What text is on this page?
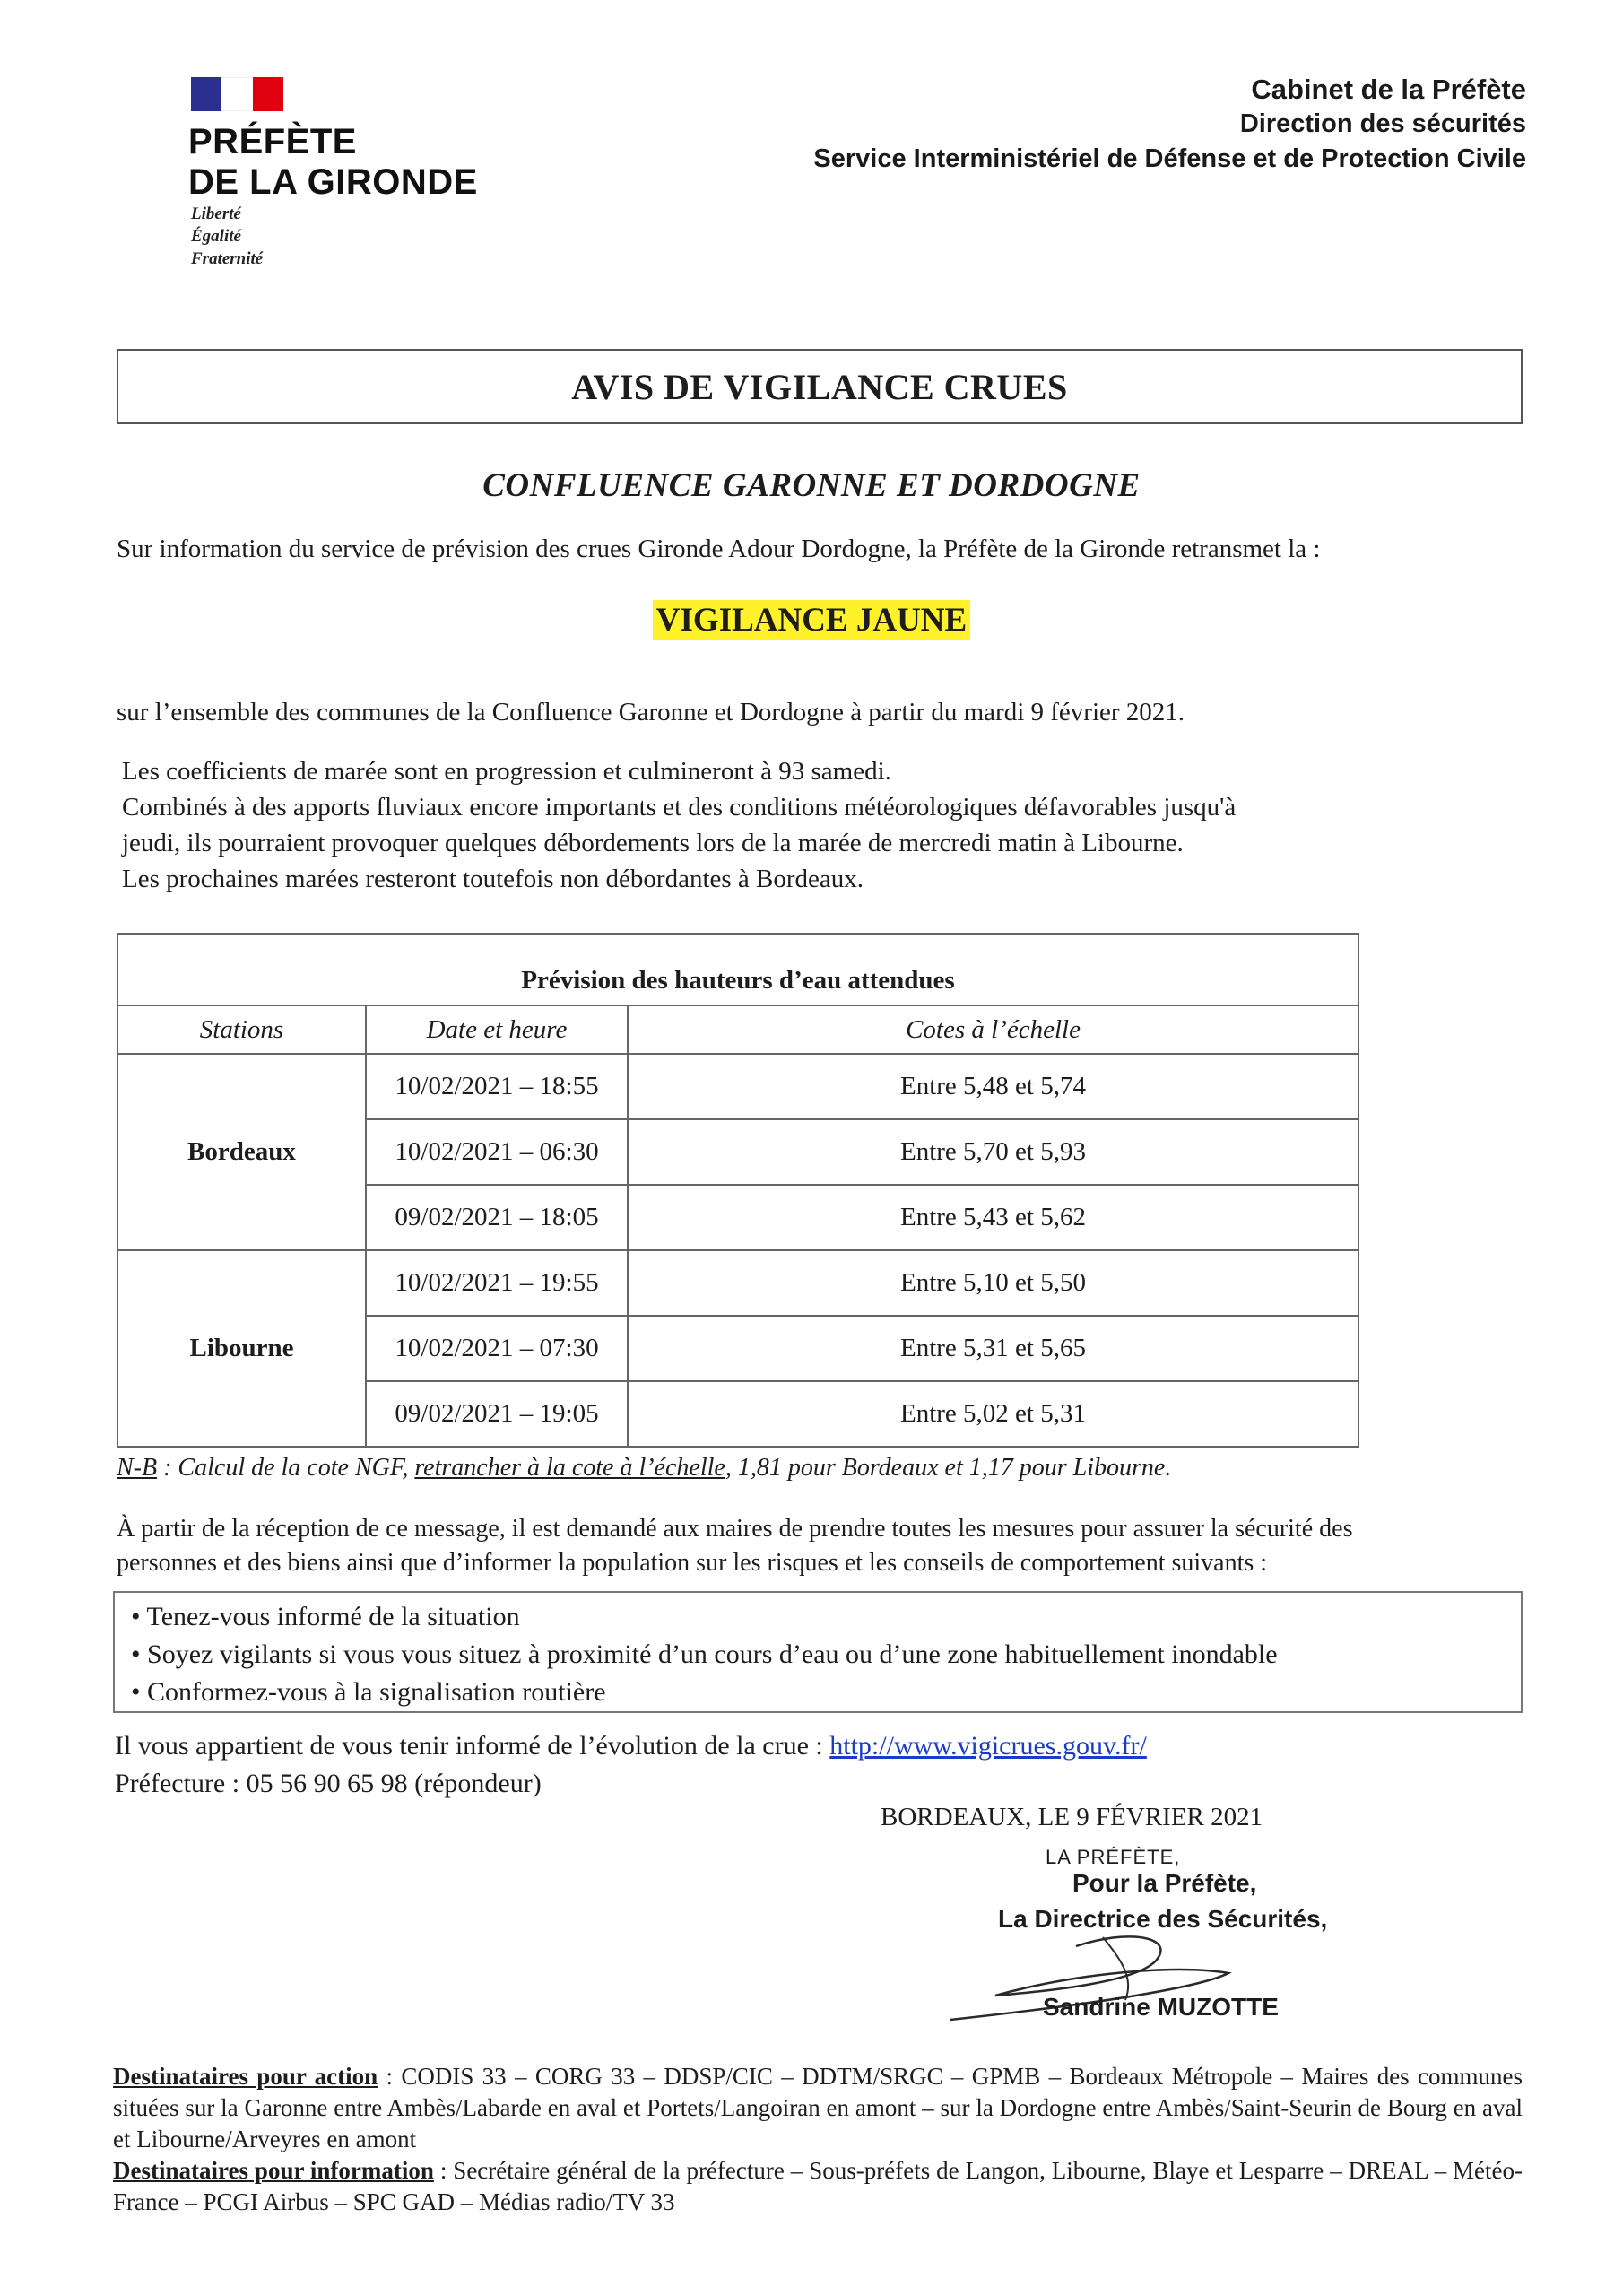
PRÉFÈTE
DE LA GIRONDE
Liberté
Égalité
Fraternité
Cabinet de la Préfète
Direction des sécurités
Service Interministériel de Défense et de Protection Civile
AVIS DE VIGILANCE CRUES
CONFLUENCE GARONNE ET DORDOGNE
Sur information du service de prévision des crues Gironde Adour Dordogne, la Préfète de la Gironde retransmet la :
VIGILANCE JAUNE
sur l’ensemble des communes de la Confluence Garonne et Dordogne à partir du mardi 9 février 2021.
Les coefficients de marée sont en progression et culmineront à 93 samedi.
Combinés à des apports fluviaux encore importants et des conditions météorologiques défavorables jusqu'à
jeudi, ils pourraient provoquer quelques débordements lors de la marée de mercredi matin à Libourne.
Les prochaines marées resteront toutefois non débordantes à Bordeaux.
Prévision des hauteurs d’eau attendues		
Stations	Date et heure	Cotes à l’échelle
Bordeaux	10/02/2021 – 18:55	Entre 5,48 et 5,74
	10/02/2021 – 06:30	Entre 5,70 et 5,93
	09/02/2021 – 18:05	Entre 5,43 et 5,62
Libourne	10/02/2021 – 19:55	Entre 5,10 et 5,50
	10/02/2021 – 07:30	Entre 5,31 et 5,65
	09/02/2021 – 19:05	Entre 5,02 et 5,31
N-B : Calcul de la cote NGF, retrancher à la cote à l’échelle, 1,81 pour Bordeaux et 1,17 pour Libourne.
À partir de la réception de ce message, il est demandé aux maires de prendre toutes les mesures pour assurer la sécurité des
personnes et des biens ainsi que d’informer la population sur les risques et les conseils de comportement suivants :
• Tenez-vous informé de la situation
• Soyez vigilants si vous vous situez à proximité d’un cours d’eau ou d’une zone habituellement inondable
• Conformez-vous à la signalisation routière
Il vous appartient de vous tenir informé de l’évolution de la crue : http://www.vigicrues.gouv.fr/
Préfecture : 05 56 90 65 98 (répondeur)
BORDEAUX, LE 9 FÉVRIER 2021
LA PRÉFÈTE,
Pour la Préfète,
La Directrice des Sécurités,
Sandrine MUZOTTE
Destinataires pour action : CODIS 33 – CORG 33 – DDSP/CIC – DDTM/SRGC – GPMB – Bordeaux Métropole – Maires des communes situées sur la Garonne entre Ambès/Labarde en aval et Portets/Langoiran en amont – sur la Dordogne entre Ambès/Saint-Seurin de Bourg en aval et Libourne/Arveyres en amont
Destinataires pour information : Secrétaire général de la préfecture – Sous-préfets de Langon, Libourne, Blaye et Lesparre – DREAL – Météo-France – PCGI Airbus – SPC GAD – Médias radio/TV 33
